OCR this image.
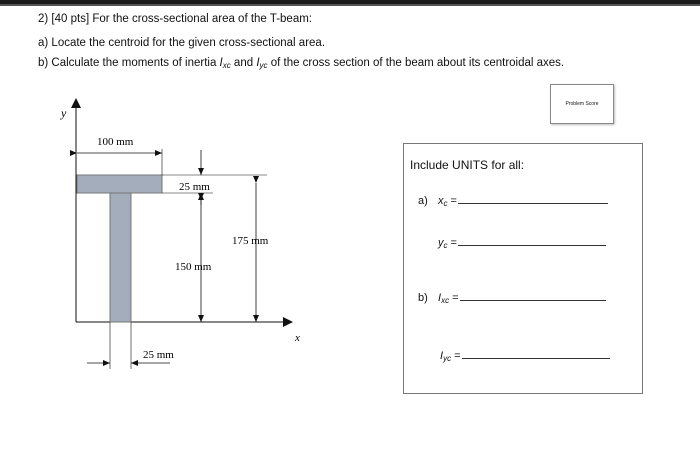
2) [40 pts] For the cross-sectional area of the T-beam:
a) Locate the centroid for the given cross-sectional area.
b) Calculate the moments of inertia $I_{xc}$ and $I_{yc}$ of the cross section of the beam about its centroidal axes.
y
x
100 mm
25 mm
175 mm
150 mm
25 mm
Problem Score
Include UNITS for all:
a) $x_c$ =
$y_c$ =
b) $I_{xc}$ =
$I_{yc}$ =
